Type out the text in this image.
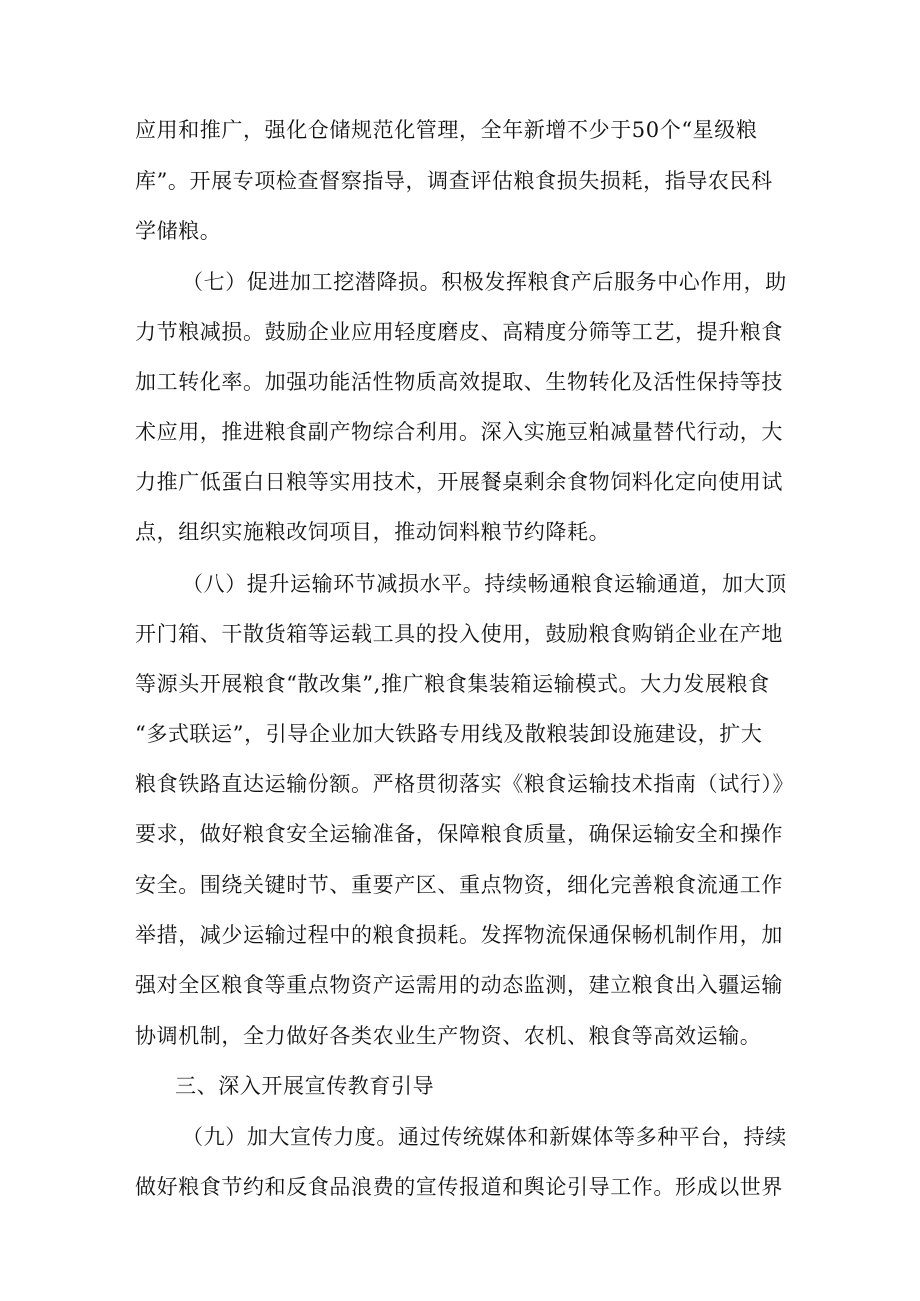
应用和推广，强化仓储规范化管理，全年新增不少于50个“星级粮
库”。开展专项检查督察指导，调查评估粮食损失损耗，指导农民科
学储粮。
（七）促进加工挖潜降损。积极发挥粮食产后服务中心作用，助
力节粮减损。鼓励企业应用轻度磨皮、高精度分筛等工艺，提升粮食
加工转化率。加强功能活性物质高效提取、生物转化及活性保持等技
术应用，推进粮食副产物综合利用。深入实施豆粕减量替代行动，大
力推广低蛋白日粮等实用技术，开展餐桌剩余食物饲料化定向使用试
点，组织实施粮改饲项目，推动饲料粮节约降耗。
（八）提升运输环节减损水平。持续畅通粮食运输通道，加大顶
开门箱、干散货箱等运载工具的投入使用，鼓励粮食购销企业在产地
等源头开展粮食“散改集”,推广粮食集装箱运输模式。大力发展粮食
“多式联运”，引导企业加大铁路专用线及散粮装卸设施建设，扩大
粮食铁路直达运输份额。严格贯彻落实《粮食运输技术指南（试行）》
要求，做好粮食安全运输准备，保障粮食质量，确保运输安全和操作
安全。围绕关键时节、重要产区、重点物资，细化完善粮食流通工作
举措，减少运输过程中的粮食损耗。发挥物流保通保畅机制作用，加
强对全区粮食等重点物资产运需用的动态监测，建立粮食出入疆运输
协调机制，全力做好各类农业生产物资、农机、粮食等高效运输。
三、深入开展宣传教育引导
（九）加大宣传力度。通过传统媒体和新媒体等多种平台，持续
做好粮食节约和反食品浪费的宣传报道和舆论引导工作。形成以世界
